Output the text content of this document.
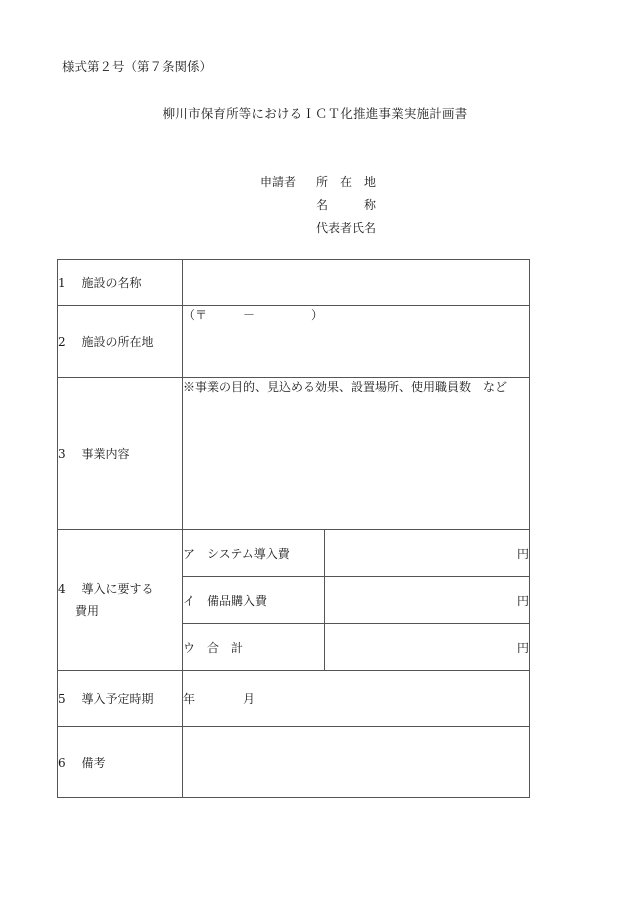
様式第２号（第７条関係）
柳川市保育所等におけるＩＣＴ化推進事業実施計画書
申請者 所　在　地
名　　　称
代表者氏名
1　 施設の名称		
2　 施設の所在地	（〒 － ）	
3　 事業内容	※事業の目的、見込める効果、設置場所、使用職員数　など	

4　 導入に要する
費用	ア　システム導入費	円
	イ　備品購入費	円
	ウ　合　計	円
5　 導入予定時期	年 月	
6　 備考		
